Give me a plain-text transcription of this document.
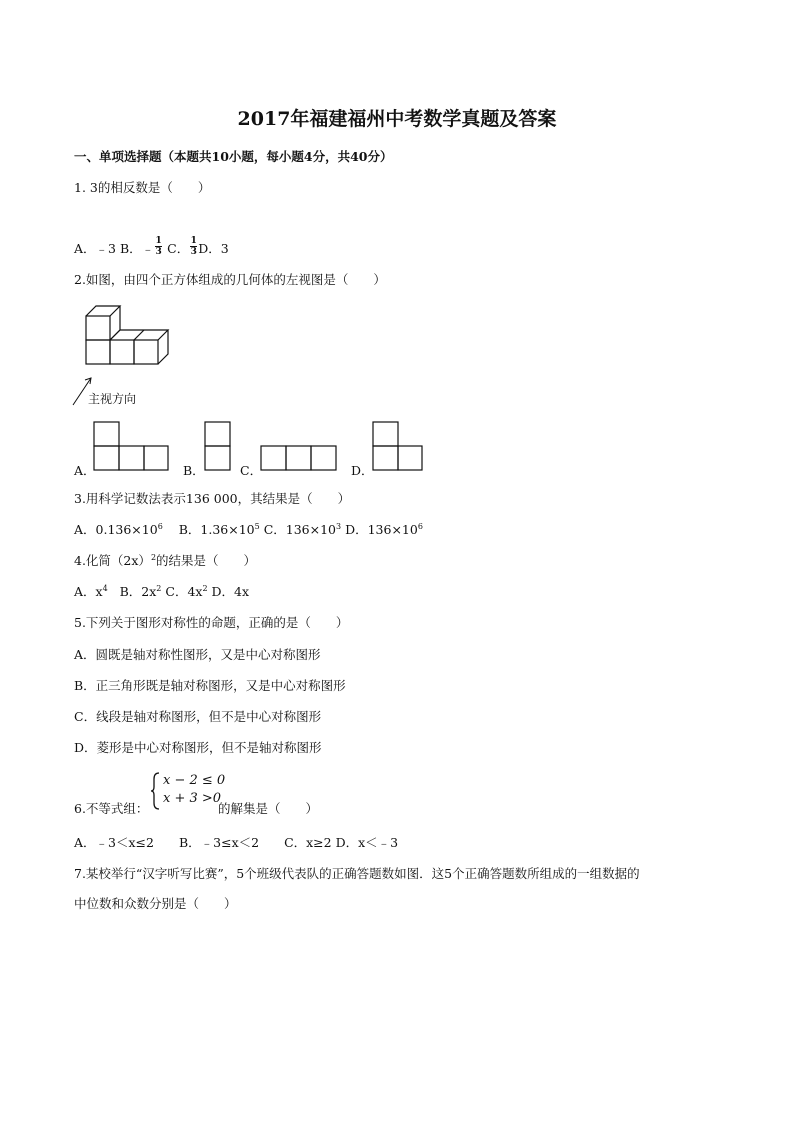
2017年福建福州中考数学真题及答案
一、单项选择题（本题共10小题，每小题4分，共40分）
1. 3的相反数是（　　）
A．﹣3 B．﹣ $\frac{1}{3}$ C． $\frac{1}{3}$ D．3
2.如图，由四个正方体组成的几何体的左视图是（　　）
主视方向
A．	B．	C．	D．
3.用科学记数法表示136 000，其结果是（　　）
A．$0.136\times 10^6$ B．$1.36\times 10^5$ C．$136\times 10^3$ D．$136\times 10^6$
4.化简$(2x)^2$的结果是（　　）
A．$x^4$ B．$2x^2$ C．$4x^2$ D．4x
5.下列关于图形对称性的命题，正确的是（　　）
A．圆既是轴对称性图形，又是中心对称图形
B．正三角形既是轴对称图形，又是中心对称图形
C．线段是轴对称图形，但不是中心对称图形
D．菱形是中心对称图形，但不是轴对称图形
6.不等式组：
x − 2 ≤ 0
x + 3 >0
的解集是（　　）
A．﹣3＜x≤2　　B．﹣3≤x＜2　　C．x≥2 D．x＜﹣3
7.某校举行“汉字听写比赛”，5个班级代表队的正确答题数如图．这5个正确答题数所组成的一组数据的
中位数和众数分别是（　　）
